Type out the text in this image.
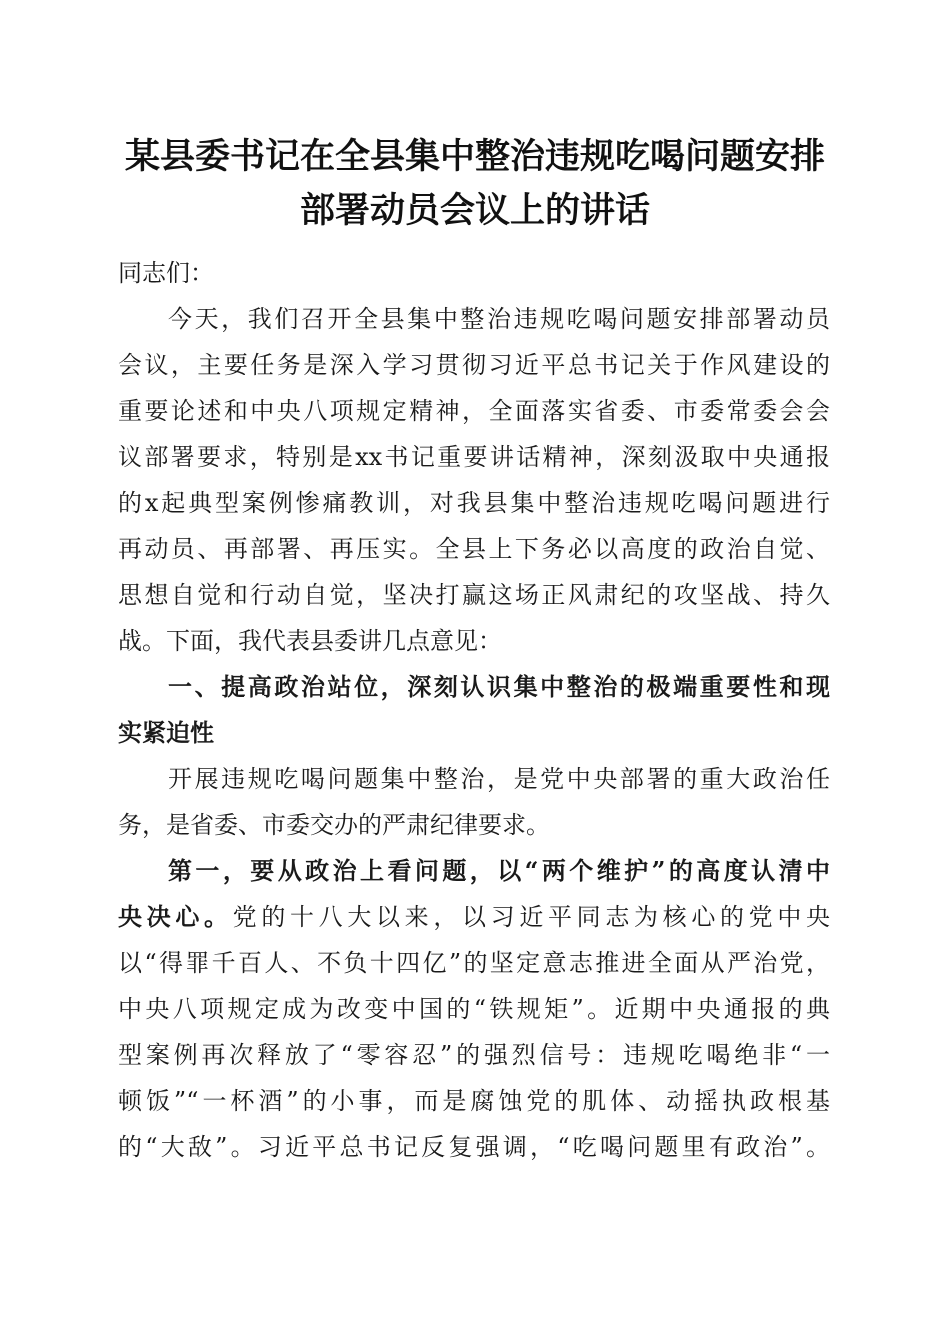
某县委书记在全县集中整治违规吃喝问题安排
部署动员会议上的讲话
同志们：
今天，我们召开全县集中整治违规吃喝问题安排部署动员
会议，主要任务是深入学习贯彻习近平总书记关于作风建设的
重要论述和中央八项规定精神，全面落实省委、市委常委会会
议部署要求，特别是xx书记重要讲话精神，深刻汲取中央通报
的x起典型案例惨痛教训，对我县集中整治违规吃喝问题进行
再动员、再部署、再压实。全县上下务必以高度的政治自觉、
思想自觉和行动自觉，坚决打赢这场正风肃纪的攻坚战、持久
战。下面，我代表县委讲几点意见：
一、提高政治站位，深刻认识集中整治的极端重要性和现
实紧迫性
开展违规吃喝问题集中整治，是党中央部署的重大政治任
务，是省委、市委交办的严肃纪律要求。
第一，要从政治上看问题，以“两个维护”的高度认清中
央决心。党的十八大以来，以习近平同志为核心的党中央
以“得罪千百人、不负十四亿”的坚定意志推进全面从严治党，
中央八项规定成为改变中国的“铁规矩”。近期中央通报的典
型案例再次释放了“零容忍”的强烈信号：违规吃喝绝非“一
顿饭”“一杯酒”的小事，而是腐蚀党的肌体、动摇执政根基
的“大敌”。习近平总书记反复强调，“吃喝问题里有政治”。
